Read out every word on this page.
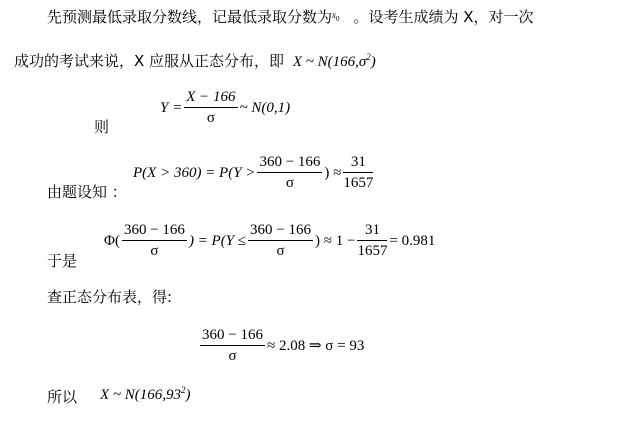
先预测最低录取分数线，记最低录取分数为$^{x_0}$ 。设考生成绩为 X，对一次
成功的考试来说，X 应服从正态分布，即 X ~ $N(166,\sigma^2)$
$Y = \frac{X - 166}{\sigma}$ ~ N(0,1)
则
$P(X > 360) = P(Y > \frac{360 - 166}{\sigma}$ ) ≈ $\frac{31}{1657}$
由题设知 ：
$\Phi( \frac{360 - 166}{\sigma}$ ) = $P(Y \le \frac{360 - 166}{\sigma}$ ) ≈ $1 - \frac{31}{1657} = 0.981$
于是
查正态分布表，得:
$\frac{360 - 166}{\sigma} \approx 2.08$ ⇒ σ = 93
所以 X ~ N(166,93$^2$)
